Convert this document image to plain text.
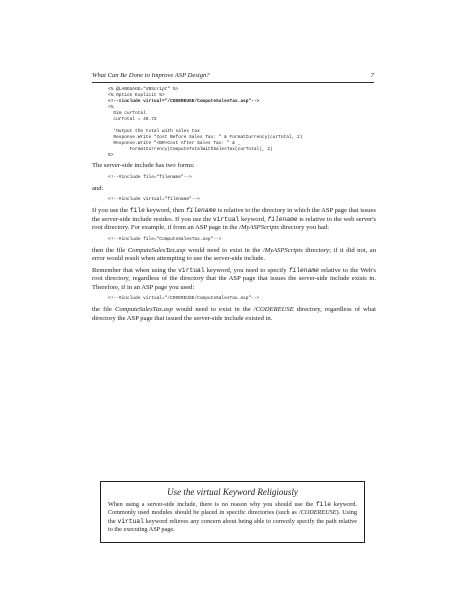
What Can Be Done to Improve ASP Design?	7
<% @LANGUAGE="VBScript" %>
<% Option Explicit %>
<!--#include virtual="/CODEREUSE/ComputeSalesTax.asp"-->
<%
Dim curTotal
curTotal = 46.72

'Output the total with sales tax
Response.Write "Cost Before Sales Tax: " & FormatCurrency(curTotal, 2)
Response.Write "<BR>Cost After Sales Tax: " & _
FormatCurrency(ComputeTotalWithSalesTax(curTotal), 2)
%>

The server-side include has two forms:

<!--#include file="filename"-->

and:

<!--#include virtual="filename"-->

If you use the file keyword, then filename is relative to the directory in which the ASP page that issues the server-side include resides. If you use the virtual keyword, filename is relative to the web server's root directory. For example, if from an ASP page in the /MyASPScripts directory you had:

<!--#include file="ComputeSalesTax.asp"-->

then the file ComputeSalesTax.asp would need to exist in the /MyASPScripts directory; if it did not, an error would result when attempting to use the server-side include.

Remember that when using the virtual keyword, you need to specify filename relative to the Web's root directory, regardless of the directory that the ASP page that issues the server-side include exists in. Therefore, if in an ASP page you used:

<!--#include virtual="/CODEREUSE/ComputeSalesTax.asp"-->

the file ComputeSalesTax.asp would need to exist in the /CODEREUSE directory, regardless of what directory the ASP page that issued the server-side include existed in.

Use the virtual Keyword Religiously

When using a server-side include, there is no reason why you should use the file keyword. Commonly used modules should be placed in specific directories (such as /CODEREUSE). Using the virtual keyword relieves any concern about being able to correctly specify the path relative to the executing ASP page.
